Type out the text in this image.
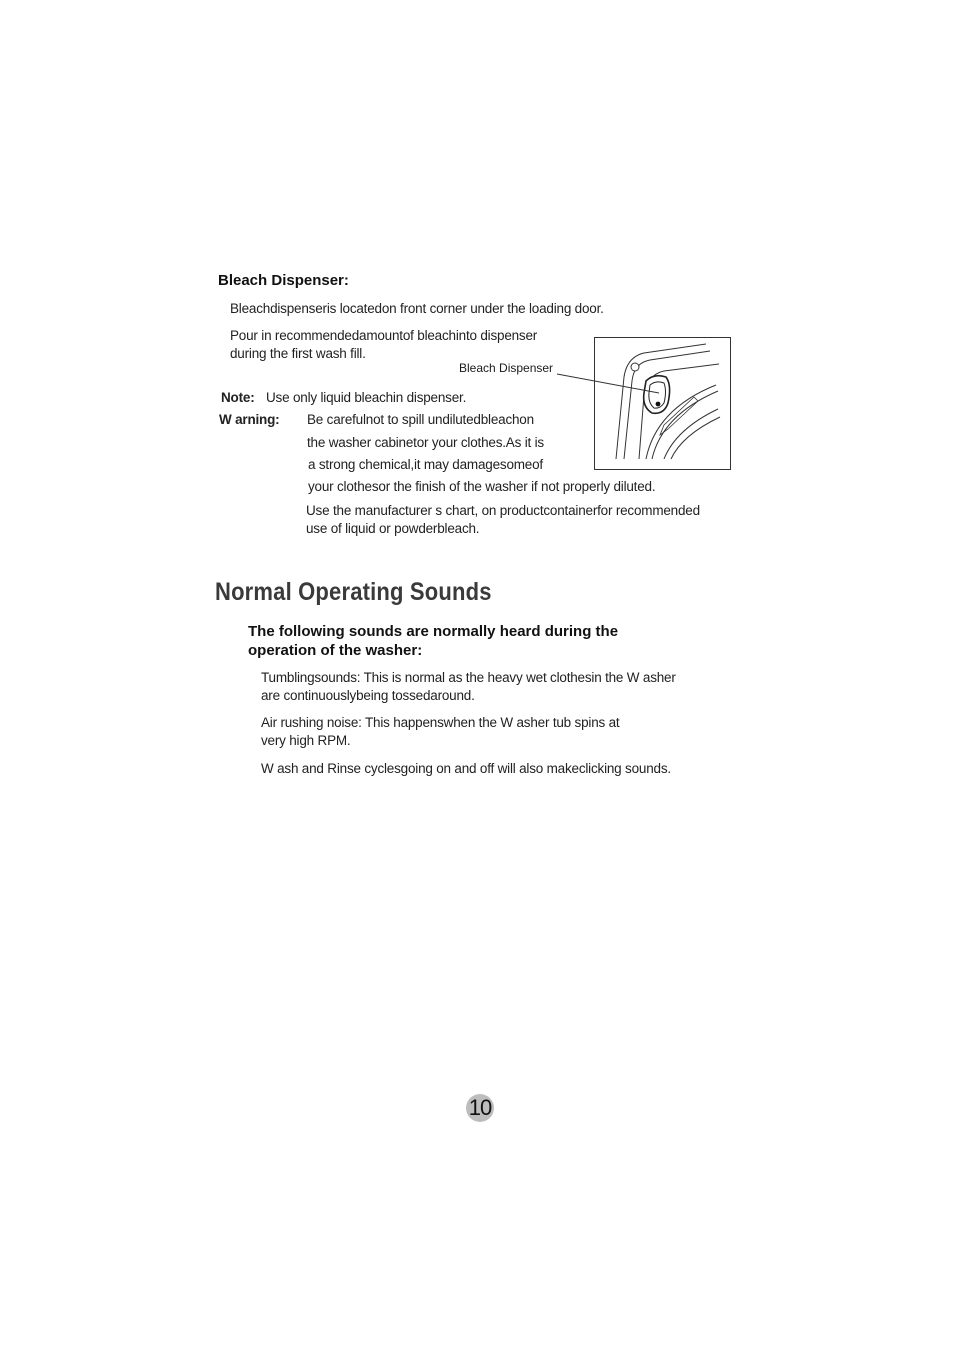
Bleach Dispenser:
Bleachdispenseris locatedon front corner under the loading door.
Pour in recommendedamountof bleachinto dispenser
during the first wash fill.
Bleach Dispenser
Note: Use only liquid bleachin dispenser.
W arning: Be carefulnot to spill undilutedbleachon
the washer cabinetor your clothes.As it is
a strong chemical,it may damagesomeof
your clothesor the finish of the washer if not properly diluted.
Use the manufacturer s chart, on productcontainerfor recommended
use of liquid or powderbleach.
Normal Operating Sounds
The following sounds are normally heard during the
operation of the washer:
Tumblingsounds: This is normal as the heavy wet clothesin the W asher
are continuouslybeing tossedaround.
Air rushing noise: This happenswhen the W asher tub spins at
very high RPM.
W ash and Rinse cyclesgoing on and off will also makeclicking sounds.
10
